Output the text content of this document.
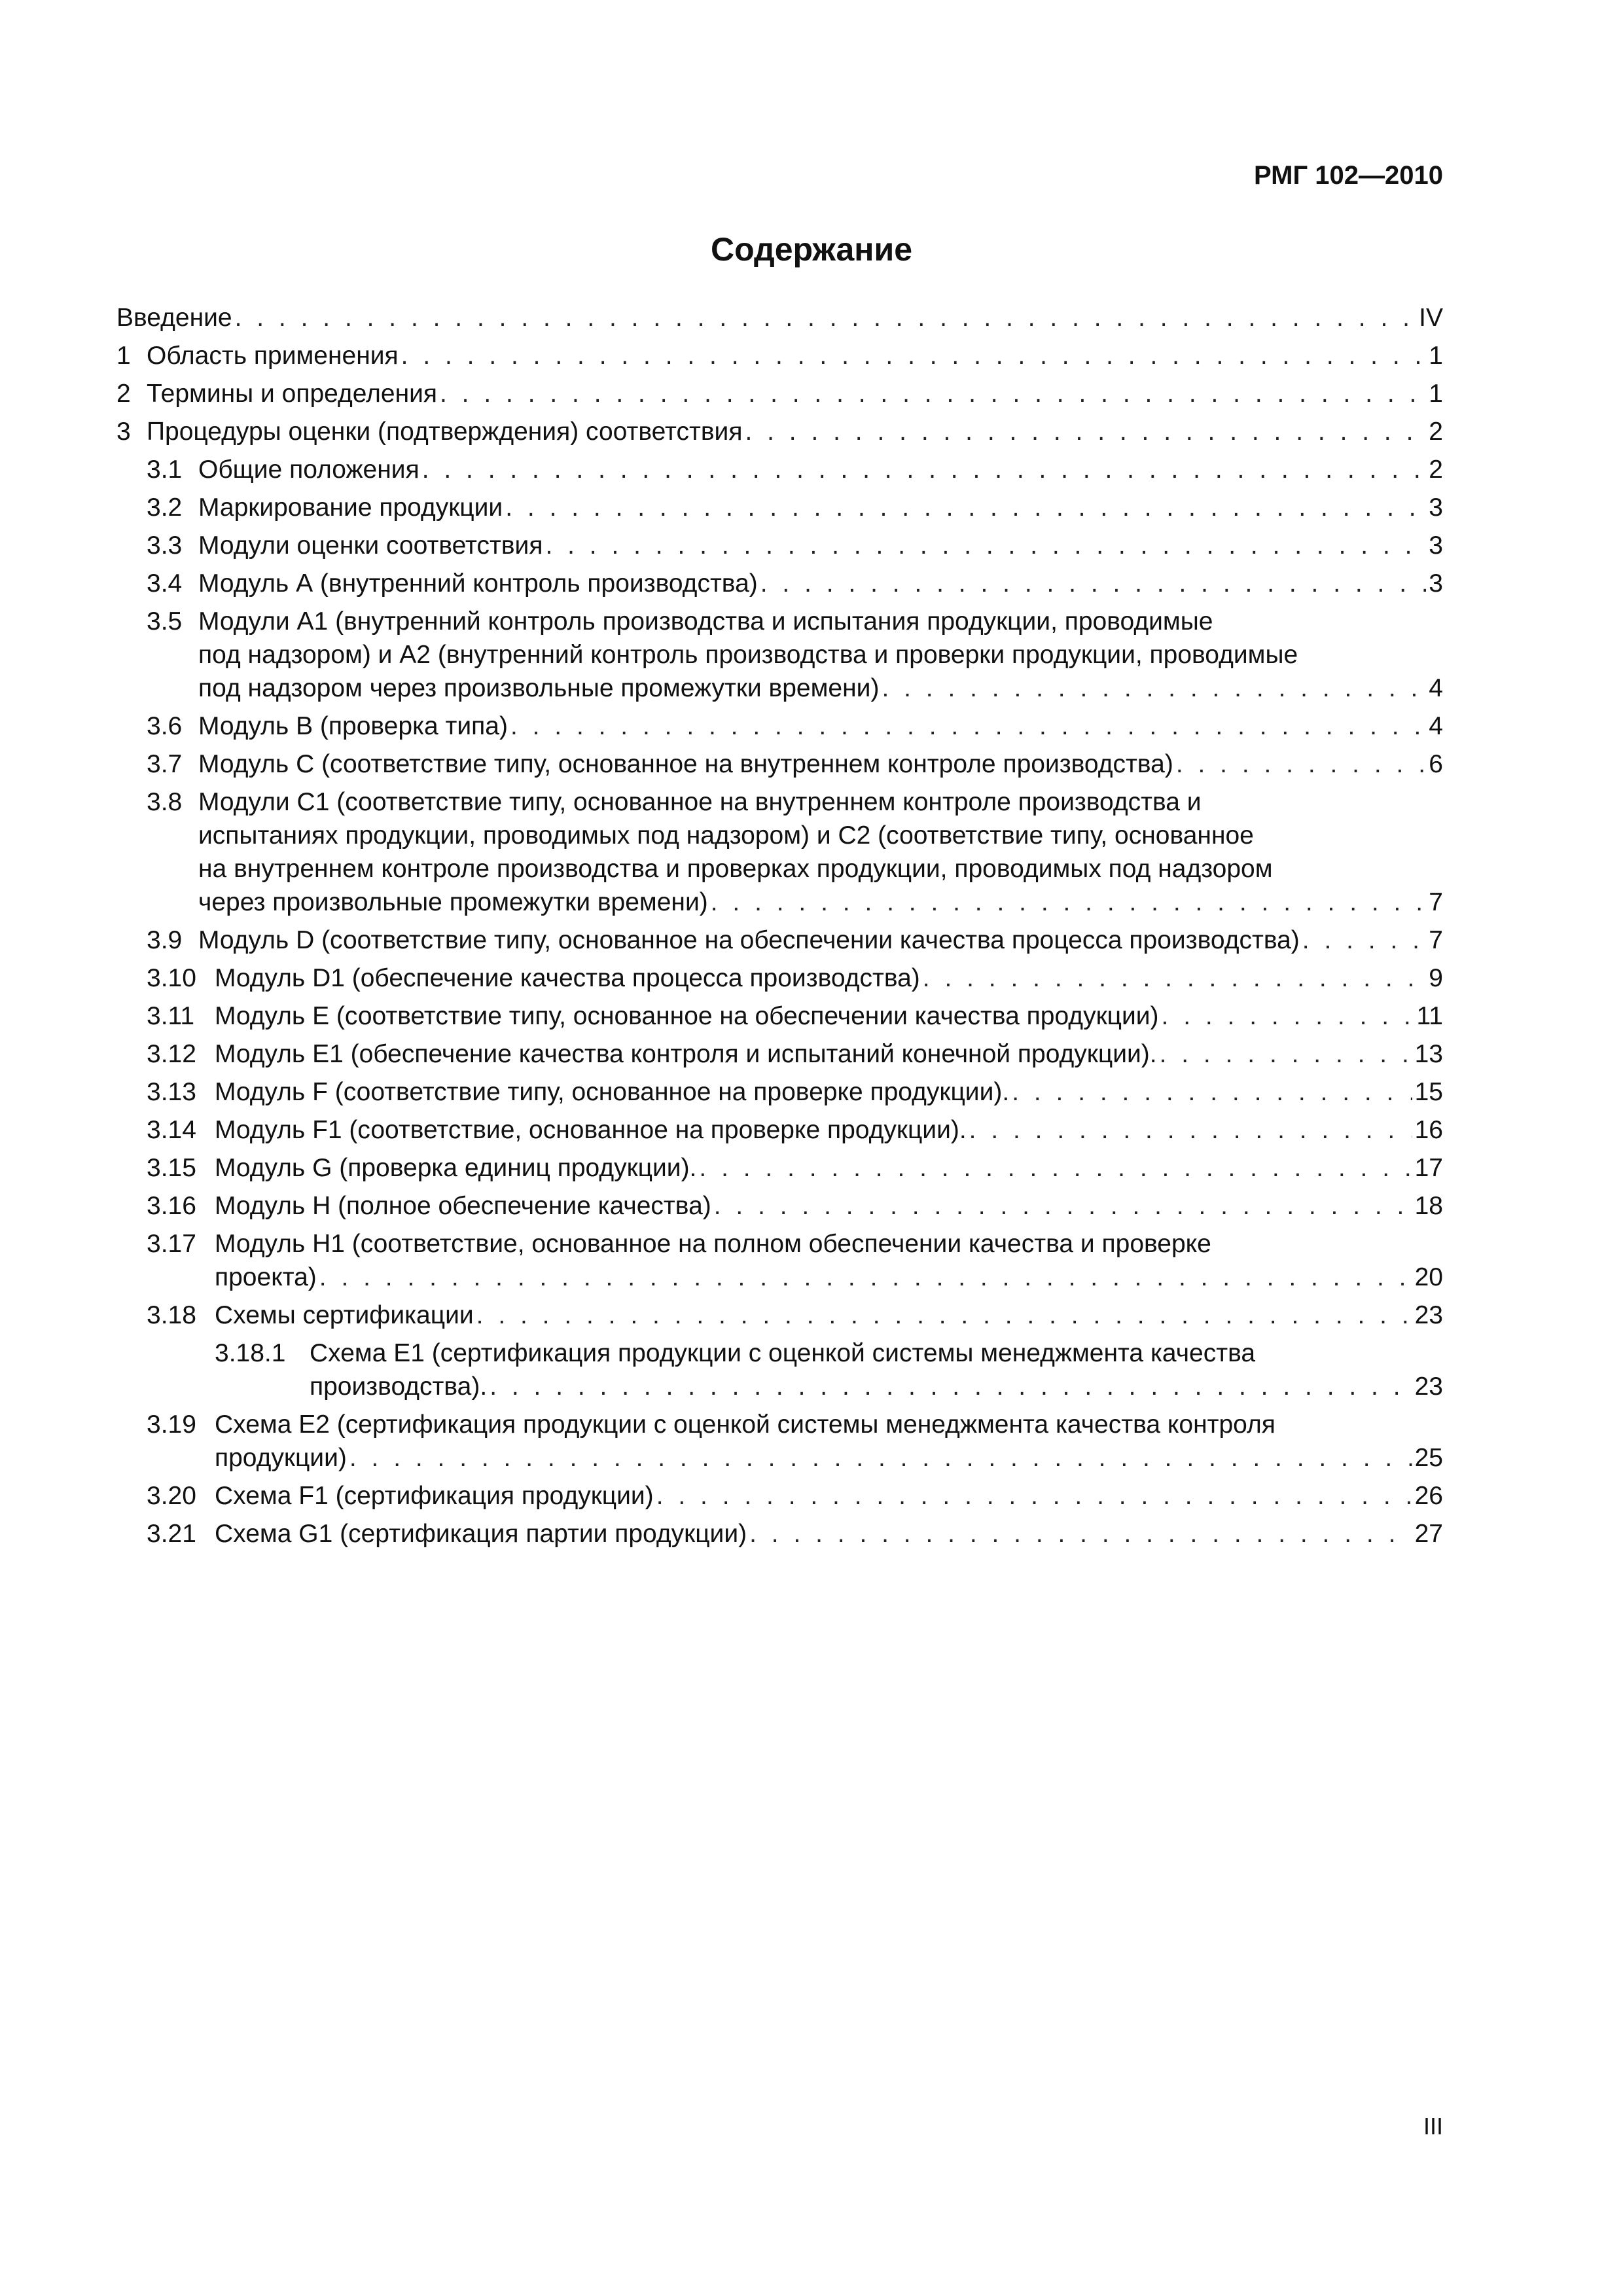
РМГ 102—2010
Содержание
Введение . . .	IV
1 Область применения . . .	1
2 Термины и определения . . .	1
3 Процедуры оценки (подтверждения) соответствия . . .	2
3.1 Общие положения . . .	2
3.2 Маркирование продукции . . .	3
3.3 Модули оценки соответствия . . .	3
3.4 Модуль А (внутренний контроль производства) . . .	3
3.5 Модули А1 (внутренний контроль производства и испытания продукции, проводимые
под надзором) и А2 (внутренний контроль производства и проверки продукции, проводимые
под надзором через произвольные промежутки времени) . . .	4
3.6 Модуль В (проверка типа) . . .	4
3.7 Модуль С (соответствие типу, основанное на внутреннем контроле производства) . . .	6
3.8 Модули С1 (соответствие типу, основанное на внутреннем контроле производства и
испытаниях продукции, проводимых под надзором) и С2 (соответствие типу, основанное
на внутреннем контроле производства и проверках продукции, проводимых под надзором
через произвольные промежутки времени) . . .	7
3.9 Модуль D (соответствие типу, основанное на обеспечении качества процесса производства) . . .	7
3.10 Модуль D1 (обеспечение качества процесса производства) . . .	9
3.11 Модуль Е (соответствие типу, основанное на обеспечении качества продукции) . . .	11
3.12 Модуль Е1 (обеспечение качества контроля и испытаний конечной продукции). . . .	13
3.13 Модуль F (соответствие типу, основанное на проверке продукции). . . .	15
3.14 Модуль F1 (соответствие, основанное на проверке продукции). . . .	16
3.15 Модуль G (проверка единиц продукции). . . .	17
3.16 Модуль Н (полное обеспечение качества) . . .	18
3.17 Модуль Н1 (соответствие, основанное на полном обеспечении качества и проверке
проекта) . . .	20
3.18 Схемы сертификации . . .	23
3.18.1 Схема Е1 (сертификация продукции с оценкой системы менеджмента качества
производства). . . .	23
3.19 Схема Е2 (сертификация продукции с оценкой системы менеджмента качества контроля
продукции) . . .	25
3.20 Схема F1 (сертификация продукции) . . .	26
3.21 Схема G1 (сертификация партии продукции) . . .	27
III
